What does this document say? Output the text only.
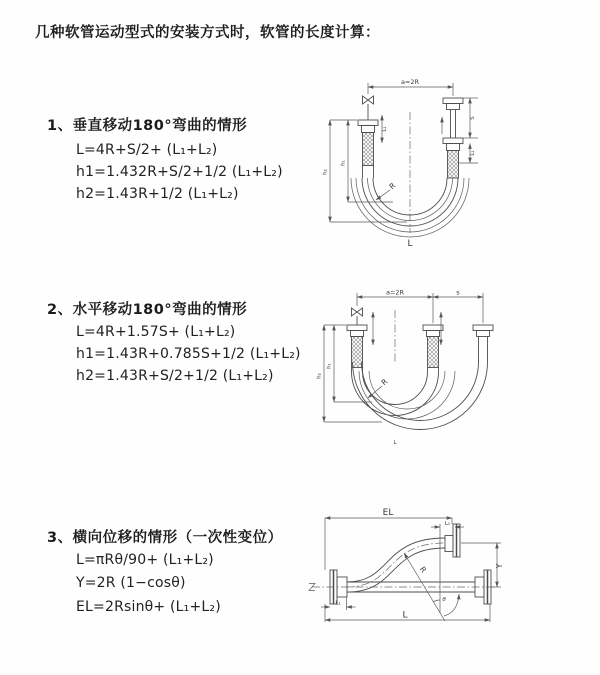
几种软管运动型式的安装方式时，软管的长度计算：
1、垂直移动180°弯曲的情形
L=4R+S/2+ (L₁+L₂)
h1=1.432R+S/2+1/2 (L₁+L₂)
h2=1.43R+1/2 (L₁+L₂)
2、水平移动180°弯曲的情形
L=4R+1.57S+ (L₁+L₂)
h1=1.43R+0.785S+1/2 (L₁+L₂)
h2=1.43R+S/2+1/2 (L₁+L₂)
3、横向位移的情形（一次性变位）
L=πRθ/90+ (L₁+L₂)
Y=2R (1−cosθ)
EL=2Rsinθ+ (L₁+L₂)
a=2R
L₁
S
L₁
h₂
h₁
R
L
a=2R	s
h₂
h₁
R
L
EL
L₁
Y
L
L₁
R
θ
